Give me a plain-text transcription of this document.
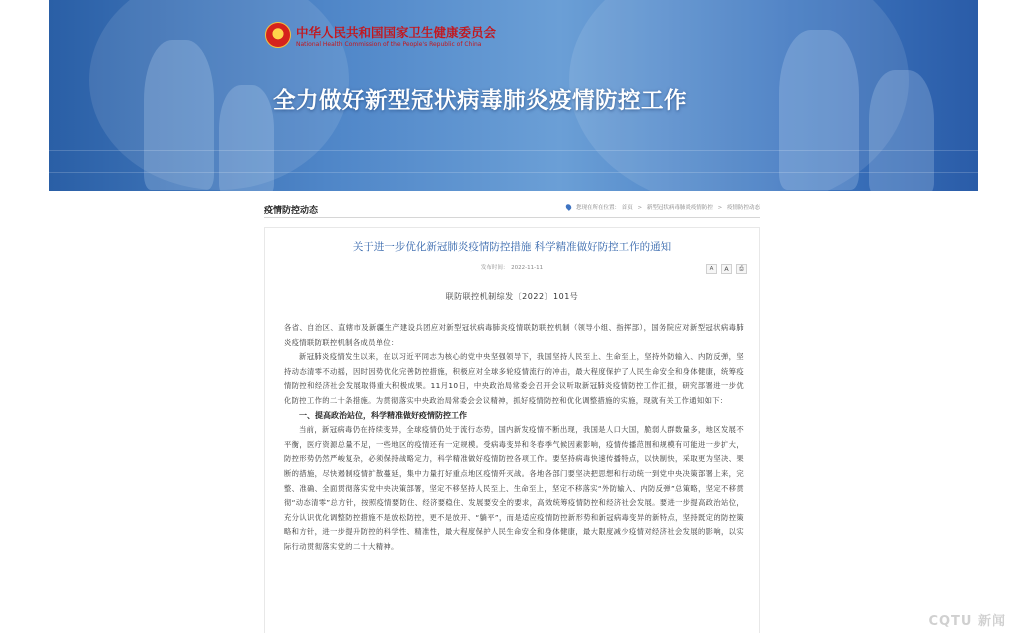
中华人民共和国国家卫生健康委员会
National Health Commission of the People's Republic of China
全力做好新型冠状病毒肺炎疫情防控工作
疫情防控动态	您现在所在位置： 首页 > 新型冠状病毒肺炎疫情防控 > 疫情防控动态
关于进一步优化新冠肺炎疫情防控措施 科学精准做好防控工作的通知
发布时间：　2022-11-11	A	A	⎙
联防联控机制综发〔2022〕101号

各省、自治区、直辖市及新疆生产建设兵团应对新型冠状病毒肺炎疫情联防联控机制（领导小组、指挥部），国务院应对新型冠状病毒肺炎疫情联防联控机制各成员单位：

新冠肺炎疫情发生以来，在以习近平同志为核心的党中央坚强领导下，我国坚持人民至上、生命至上，坚持外防输入、内防反弹，坚持动态清零不动摇，因时因势优化完善防控措施，积极应对全球多轮疫情流行的冲击，最大程度保护了人民生命安全和身体健康，统筹疫情防控和经济社会发展取得重大积极成果。11月10日，中央政治局常委会召开会议听取新冠肺炎疫情防控工作汇报，研究部署进一步优化防控工作的二十条措施。为贯彻落实中央政治局常委会会议精神，抓好疫情防控和优化调整措施的实施，现就有关工作通知如下：

一、提高政治站位，科学精准做好疫情防控工作

当前，新冠病毒仍在持续变异，全球疫情仍处于流行态势，国内新发疫情不断出现，我国是人口大国，脆弱人群数量多，地区发展不平衡，医疗资源总量不足，一些地区的疫情还有一定规模。受病毒变异和冬春季气候因素影响，疫情传播范围和规模有可能进一步扩大，防控形势仍然严峻复杂，必须保持战略定力，科学精准做好疫情防控各项工作。要坚持病毒快速传播特点，以快制快，采取更为坚决、果断的措施，尽快遏制疫情扩散蔓延，集中力量打好重点地区疫情歼灭战。各地各部门要坚决把思想和行动统一到党中央决策部署上来，完整、准确、全面贯彻落实党中央决策部署，坚定不移坚持人民至上、生命至上，坚定不移落实“外防输入、内防反弹”总策略，坚定不移贯彻“动态清零”总方针，按照疫情要防住、经济要稳住、发展要安全的要求，高效统筹疫情防控和经济社会发展。要进一步提高政治站位，充分认识优化调整防控措施不是放松防控，更不是放开、“躺平”，而是适应疫情防控新形势和新冠病毒变异的新特点，坚持既定的防控策略和方针，进一步提升防控的科学性、精准性，最大程度保护人民生命安全和身体健康，最大限度减少疫情对经济社会发展的影响，以实际行动贯彻落实党的二十大精神。

CQTU 新闻
